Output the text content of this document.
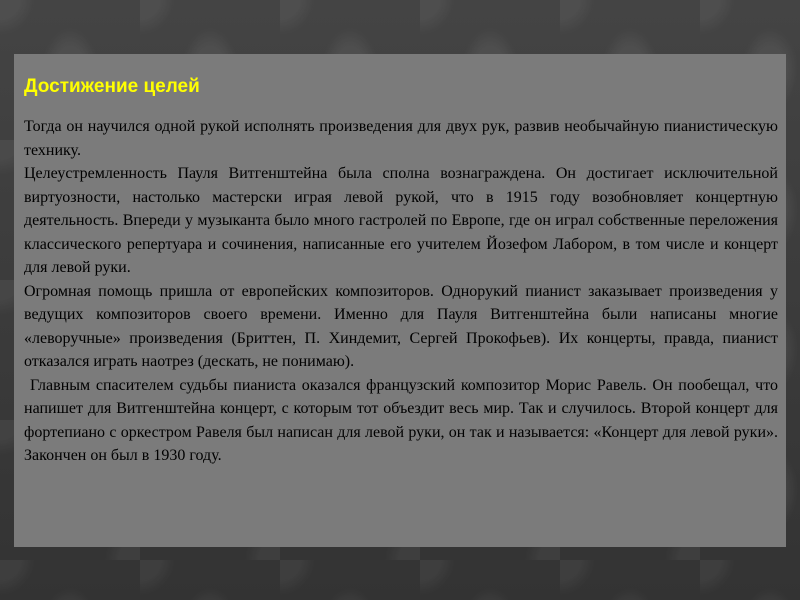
Достижение целей

Тогда он научился одной рукой исполнять произведения для двух рук, развив необычайную пианистическую технику.

Целеустремленность Пауля Витгенштейна была сполна вознаграждена. Он достигает исключительной виртуозности, настолько мастерски играя левой рукой, что в 1915 году возобновляет концертную деятельность. Впереди у музыканта было много гастролей по Европе, где он играл собственные переложения классического репертуара и сочинения, написанные его учителем Йозефом Лабором, в том числе и концерт для левой руки.

Огромная помощь пришла от европейских композиторов. Однорукий пианист заказывает произведения у ведущих композиторов своего времени. Именно для Пауля Витгенштейна были написаны многие «леворучные» произведения (Бриттен, П. Хиндемит, Сергей Прокофьев). Их концерты, правда, пианист отказался играть наотрез (дескать, не понимаю).

Главным спасителем судьбы пианиста оказался французский композитор Морис Равель. Он пообещал, что напишет для Витгенштейна концерт, с которым тот объездит весь мир. Так и случилось. Второй концерт для фортепиано с оркестром Равеля был написан для левой руки, он так и называется: «Концерт для левой руки». Закончен он был в 1930 году.
